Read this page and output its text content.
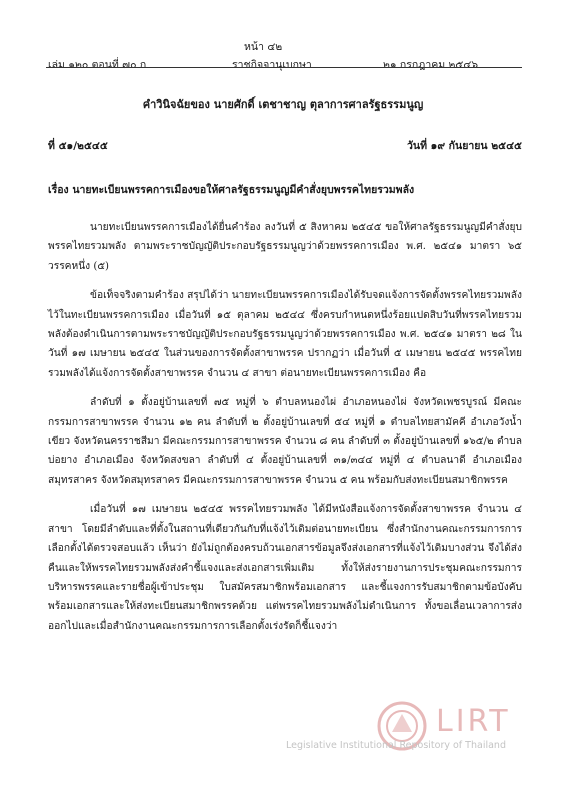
หน้า ๔๒
เล่ม ๑๒๐ ตอนที่ ๗๐ ก	ราชกิจจานุเบกษา	๒๑ กรกฎาคม ๒๕๔๖
คำวินิจฉัยของ นายศักดิ์ เตชาชาญ ตุลาการศาลรัฐธรรมนูญ
ที่ ๕๑/๒๕๔๕	วันที่ ๑๙ กันยายน ๒๕๔๕
เรื่อง นายทะเบียนพรรคการเมืองขอให้ศาลรัฐธรรมนูญมีคำสั่งยุบพรรคไทยรวมพลัง

นายทะเบียนพรรคการเมืองได้ยื่นคำร้อง ลงวันที่ ๕ สิงหาคม ๒๕๔๕ ขอให้ศาลรัฐธรรมนูญมีคำสั่งยุบพรรคไทยรวมพลัง ตามพระราชบัญญัติประกอบรัฐธรรมนูญว่าด้วยพรรคการเมือง พ.ศ. ๒๕๔๑ มาตรา ๖๕ วรรคหนึ่ง (๕)

ข้อเท็จจริงตามคำร้อง สรุปได้ว่า นายทะเบียนพรรคการเมืองได้รับจดแจ้งการจัดตั้งพรรคไทยรวมพลังไว้ในทะเบียนพรรคการเมือง เมื่อวันที่ ๑๕ ตุลาคม ๒๕๔๔ ซึ่งครบกำหนดหนึ่งร้อยแปดสิบวันที่พรรคไทยรวมพลังต้องดำเนินการตามพระราชบัญญัติประกอบรัฐธรรมนูญว่าด้วยพรรคการเมือง พ.ศ. ๒๕๔๑ มาตรา ๒๘ ในวันที่ ๑๗ เมษายน ๒๕๔๕ ในส่วนของการจัดตั้งสาขาพรรค ปรากฏว่า เมื่อวันที่ ๕ เมษายน ๒๕๔๕ พรรคไทยรวมพลังได้แจ้งการจัดตั้งสาขาพรรค จำนวน ๔ สาขา ต่อนายทะเบียนพรรคการเมือง คือ

ลำดับที่ ๑ ตั้งอยู่บ้านเลขที่ ๗๕ หมู่ที่ ๖ ตำบลหนองไผ่ อำเภอหนองไผ่ จังหวัดเพชรบูรณ์ มีคณะกรรมการสาขาพรรค จำนวน ๑๒ คน ลำดับที่ ๒ ตั้งอยู่บ้านเลขที่ ๕๔ หมู่ที่ ๑ ตำบลไทยสามัคคี อำเภอวังน้ำเขียว จังหวัดนครราชสีมา มีคณะกรรมการสาขาพรรค จำนวน ๘ คน ลำดับที่ ๓ ตั้งอยู่บ้านเลขที่ ๑๖๕/๒ ตำบลบ่อยาง อำเภอเมือง จังหวัดสงขลา ลำดับที่ ๔ ตั้งอยู่บ้านเลขที่ ๓๑/๓๔๔ หมู่ที่ ๔ ตำบลนาดี อำเภอเมืองสมุทรสาคร จังหวัดสมุทรสาคร มีคณะกรรมการสาขาพรรค จำนวน ๕ คน พร้อมกับส่งทะเบียนสมาชิกพรรค

เมื่อวันที่ ๑๗ เมษายน ๒๕๔๕ พรรคไทยรวมพลัง ได้มีหนังสือแจ้งการจัดตั้งสาขาพรรค จำนวน ๔ สาขา โดยมีลำดับและที่ตั้งในสถานที่เดียวกันกับที่แจ้งไว้เดิมต่อนายทะเบียน ซึ่งสำนักงานคณะกรรมการการเลือกตั้งได้ตรวจสอบแล้ว เห็นว่า ยังไม่ถูกต้องครบถ้วนเอกสารข้อมูลจึงส่งเอกสารที่แจ้งไว้เดิมบางส่วน จึงได้ส่งคืนและให้พรรคไทยรวมพลังส่งคำชี้แจงและส่งเอกสารเพิ่มเติม ทั้งให้ส่งรายงานการประชุมคณะกรรมการบริหารพรรคและรายชื่อผู้เข้าประชุม ใบสมัครสมาชิกพร้อมเอกสาร และชี้แจงการรับสมาชิกตามข้อบังคับพร้อมเอกสารและให้ส่งทะเบียนสมาชิกพรรคด้วย แต่พรรคไทยรวมพลังไม่ดำเนินการ ทั้งขอเลื่อนเวลาการส่งออกไปและเมื่อสำนักงานคณะกรรมการการเลือกตั้งเร่งรัดก็ชี้แจงว่า

LIRT
Legislative Institutional Repository of Thailand
